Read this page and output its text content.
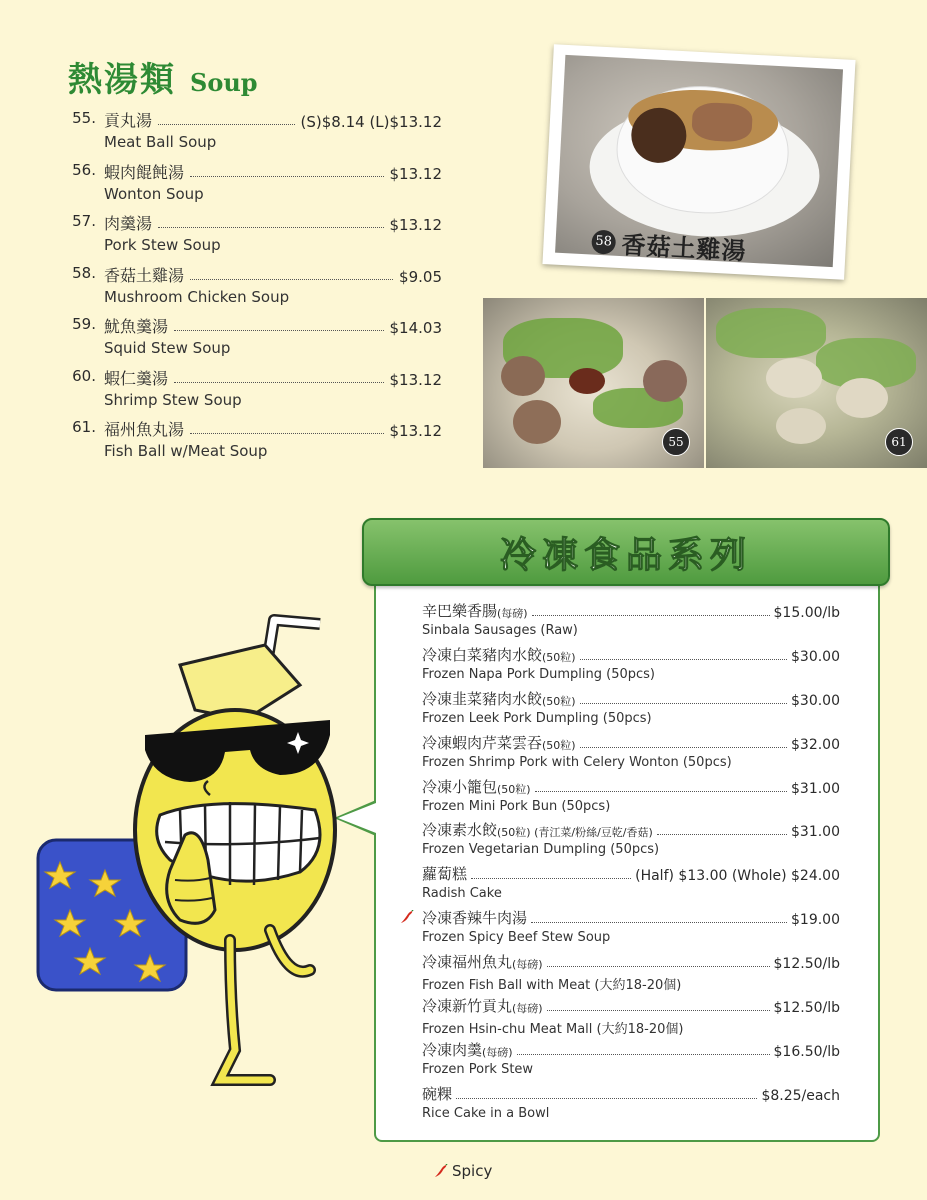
熱湯類 Soup
55. 貢丸湯	(S)$8.14 (L)$13.12
Meat Ball Soup
56. 蝦肉餛飩湯	$13.12
Wonton Soup
57. 肉羹湯	$13.12
Pork Stew Soup
58. 香菇土雞湯	$9.05
Mushroom Chicken Soup
59. 魷魚羹湯	$14.03
Squid Stew Soup
60. 蝦仁羹湯	$13.12
Shrimp Stew Soup
61. 福州魚丸湯	$13.12
Fish Ball w/Meat Soup
58 香菇土雞湯
55	61
冷凍食品系列
辛巴樂香腸 (每磅)	$15.00/lb
Sinbala Sausages (Raw)
冷凍白菜豬肉水餃 (50粒)	$30.00
Frozen Napa Pork Dumpling (50pcs)
冷凍韭菜豬肉水餃 (50粒)	$30.00
Frozen Leek Pork Dumpling (50pcs)
冷凍蝦肉芹菜雲吞 (50粒)	$32.00
Frozen Shrimp Pork with Celery Wonton (50pcs)
冷凍小籠包 (50粒)	$31.00
Frozen Mini Pork Bun (50pcs)
冷凍素水餃 (50粒) (青江菜/粉絲/豆乾/香菇)	$31.00
Frozen Vegetarian Dumpling (50pcs)
蘿蔔糕	(Half) $13.00 (Whole) $24.00
Radish Cake
冷凍香辣牛肉湯	$19.00
Frozen Spicy Beef Stew Soup
冷凍福州魚丸 (每磅)	$12.50/lb
Frozen Fish Ball with Meat (大約18-20個)
冷凍新竹貢丸 (每磅)	$12.50/lb
Frozen Hsin-chu Meat Mall (大約18-20個)
冷凍肉羹 (每磅)	$16.50/lb
Frozen Pork Stew
碗粿	$8.25/each
Rice Cake in a Bowl
Spicy
